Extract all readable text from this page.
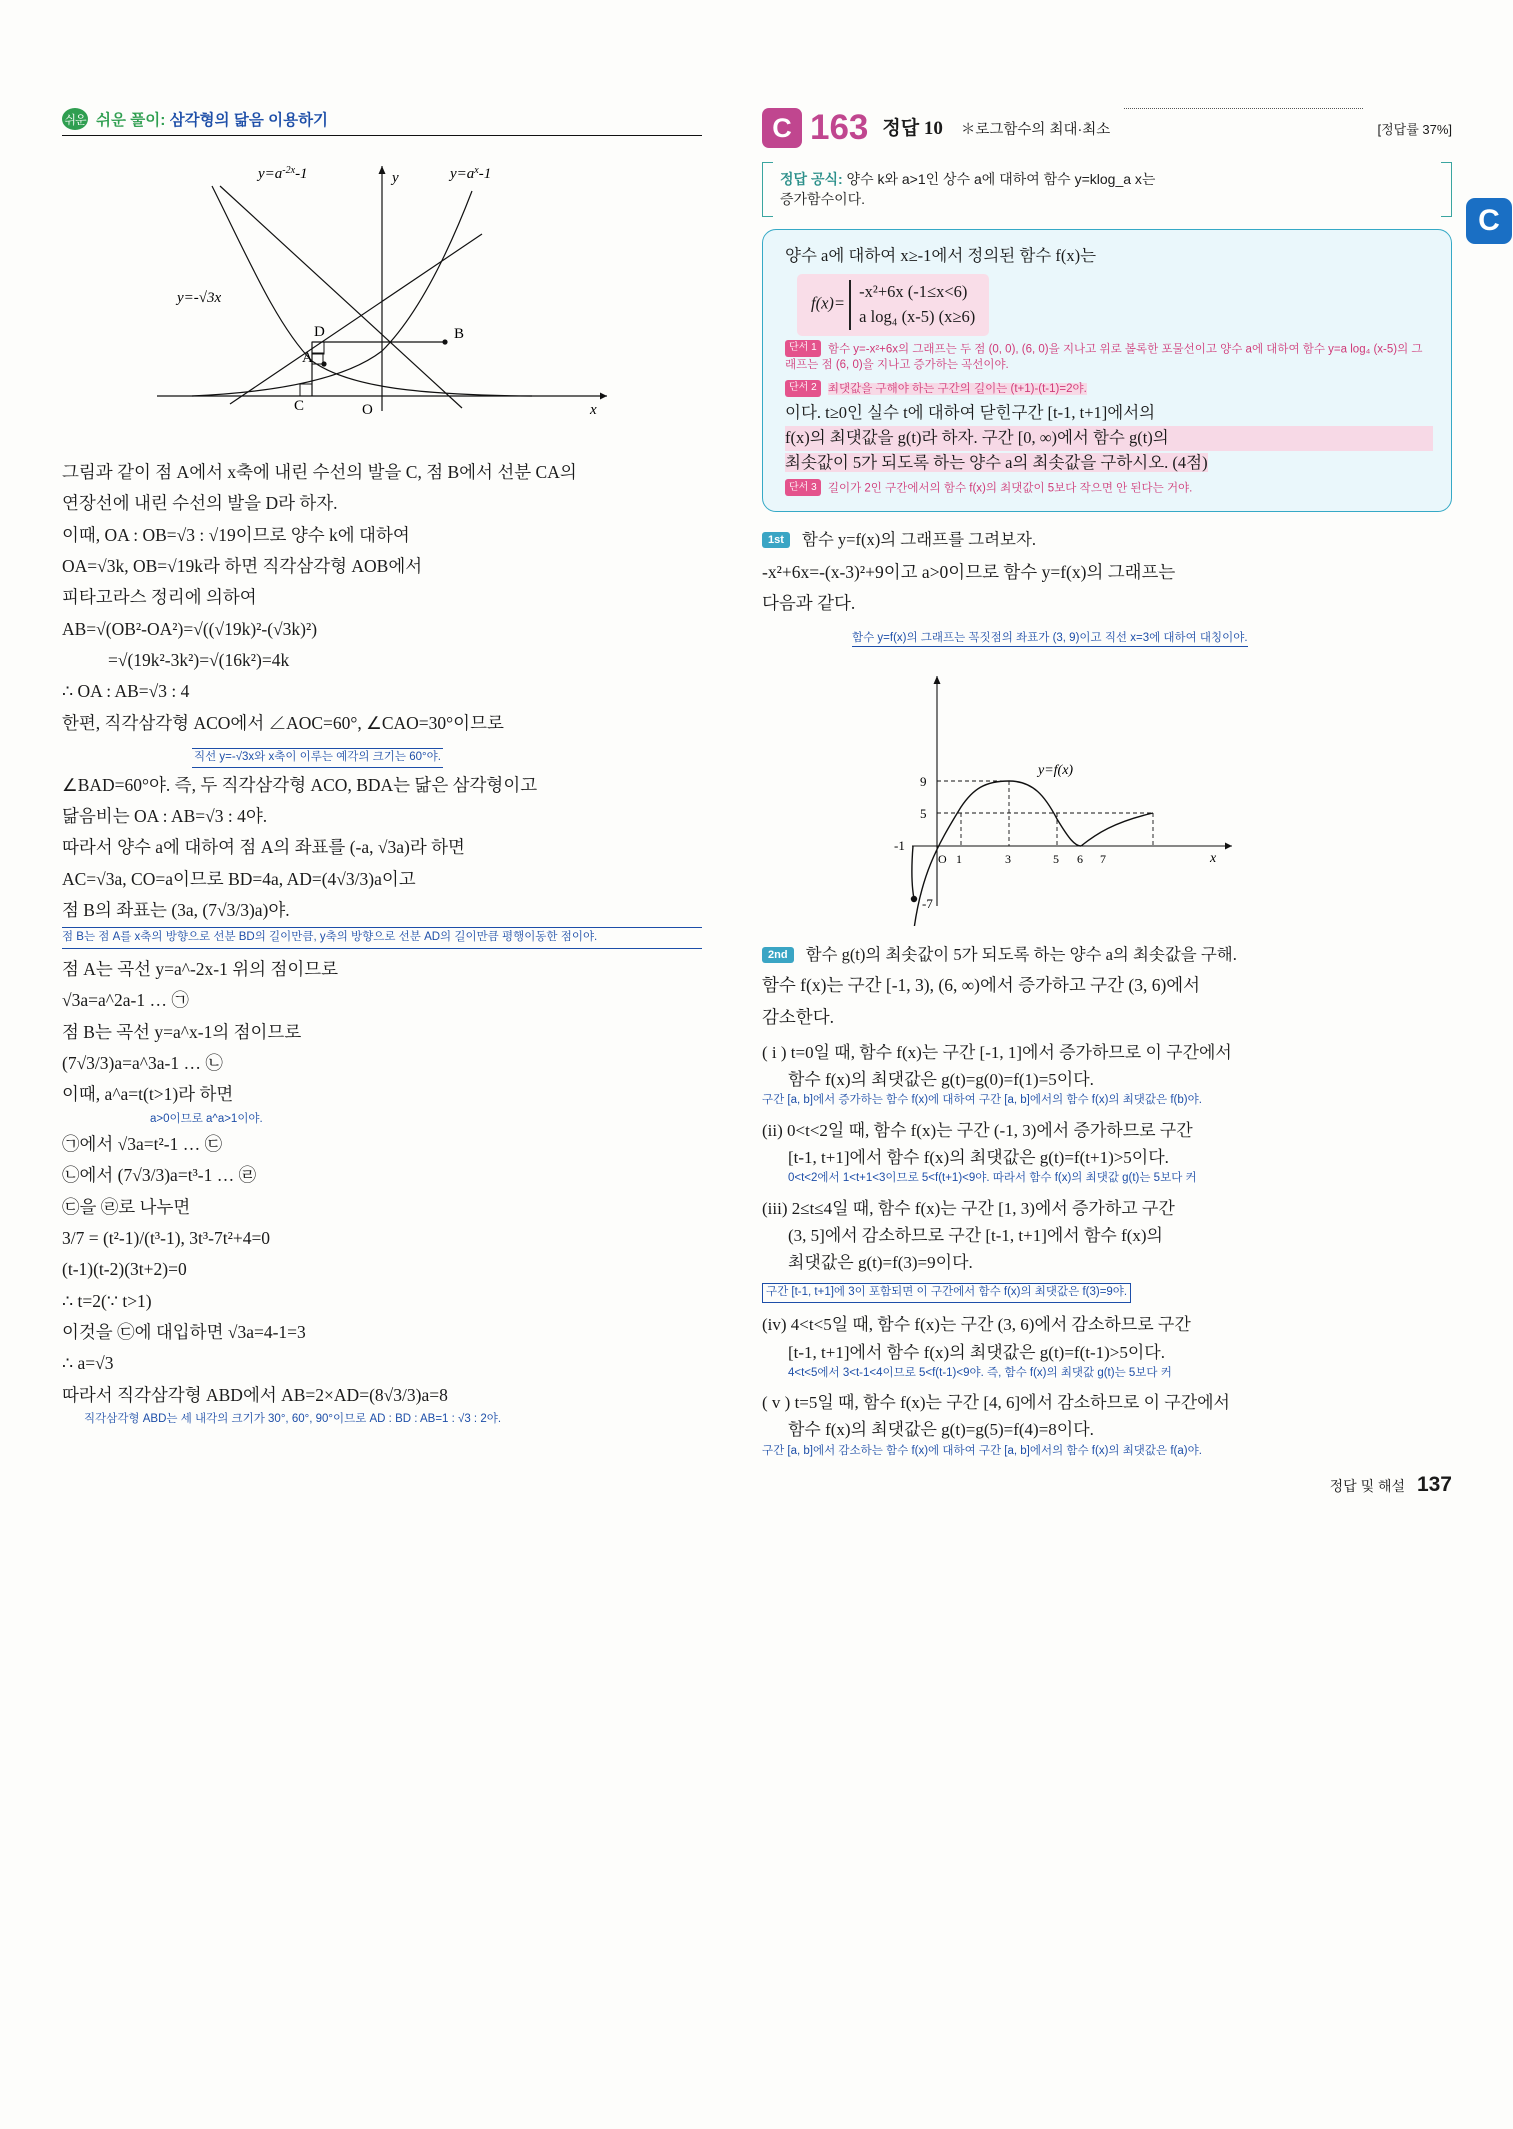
쉬운 쉬운 풀이: 삼각형의 닮음 이용하기
D	B
A
C	O	x
y
$y=a^{-2x}-1$	$y=a^x-1$
y=-√3x

그림과 같이 점 A에서 x축에 내린 수선의 발을 C, 점 B에서 선분 CA의

연장선에 내린 수선의 발을 D라 하자.

이때, OA : OB=√3 : √19이므로 양수 k에 대하여

OA=√3k, OB=√19k라 하면 직각삼각형 AOB에서

피타고라스 정리에 의하여

AB=√(OB²-OA²)=√((√19k)²-(√3k)²)

=√(19k²-3k²)=√(16k²)=4k

∴ OA : AB=√3 : 4

한편, 직각삼각형 ACO에서 ∠AOC=60°, ∠CAO=30°이므로

직선 y=-√3x와 x축이 이루는 예각의 크기는 60°야.

∠BAD=60°야. 즉, 두 직각삼각형 ACO, BDA는 닮은 삼각형이고

닮음비는 OA : AB=√3 : 4야.

따라서 양수 a에 대하여 점 A의 좌표를 (-a, √3a)라 하면

AC=√3a, CO=a이므로 BD=4a, AD=(4√3/3)a이고

점 B의 좌표는 (3a, (7√3/3)a)야.

점 B는 점 A를 x축의 방향으로 선분 BD의 길이만큼, y축의 방향으로 선분 AD의 길이만큼 평행이동한 점이야.

점 A는 곡선 y=a^-2x-1 위의 점이므로

√3a=a^2a-1 … ㉠

점 B는 곡선 y=a^x-1의 점이므로

(7√3/3)a=a^3a-1 … ㉡

이때, a^a=t(t>1)라 하면

a>0이므로 a^a>1이야.

㉠에서 √3a=t²-1 … ㉢

㉡에서 (7√3/3)a=t³-1 … ㉣

㉢을 ㉣로 나누면

3/7 = (t²-1)/(t³-1), 3t³-7t²+4=0

(t-1)(t-2)(3t+2)=0

∴ t=2(∵ t>1)

이것을 ㉢에 대입하면 √3a=4-1=3

∴ a=√3

따라서 직각삼각형 ABD에서 AB=2×AD=(8√3/3)a=8

직각삼각형 ABD는 세 내각의 크기가 30°, 60°, 90°이므로 AD : BD : AB=1 : √3 : 2야.

C
C 163 정답 10 ＊로그함수의 최대·최소	[정답률 37%]
정답 공식: 양수 k와 a>1인 상수 a에 대하여 함수 y=klog_a x는
증가함수이다.
양수 a에 대하여 x≥-1에서 정의된 함수 f(x)는
f(x)=
-x²+6x (-1≤x<6)
a log₄ (x-5) (x≥6)
단서 1 함수 y=-x²+6x의 그래프는 두 점 (0, 0), (6, 0)을 지나고 위로 볼록한 포물선이고 양수 a에 대하여 함수 y=a log₄ (x-5)의 그래프는 점 (6, 0)을 지나고 증가하는 곡선이야.
단서 2 최댓값을 구해야 하는 구간의 길이는 (t+1)-(t-1)=2야.
이다. t≥0인 실수 t에 대하여 닫힌구간 [t-1, t+1]에서의
f(x)의 최댓값을 g(t)라 하자. 구간 [0, ∞)에서 함수 g(t)의
최솟값이 5가 되도록 하는 양수 a의 최솟값을 구하시오. (4점)
단서 3 길이가 2인 구간에서의 함수 f(x)의 최댓값이 5보다 작으면 안 된다는 거야.
1st 함수 y=f(x)의 그래프를 그려보자.

-x²+6x=-(x-3)²+9이고 a>0이므로 함수 y=f(x)의 그래프는

다음과 같다.

함수 y=f(x)의 그래프는 꼭짓점의 좌표가 (3, 9)이고 직선 x=3에 대하여 대칭이야.

y=f(x)
9
5
-1
-7
O 1	3	5 6 7	x
2nd 함수 g(t)의 최솟값이 5가 되도록 하는 양수 a의 최솟값을 구해.

함수 f(x)는 구간 [-1, 3), (6, ∞)에서 증가하고 구간 (3, 6)에서

감소한다.

( i ) t=0일 때, 함수 f(x)는 구간 [-1, 1]에서 증가하므로 이 구간에서
함수 f(x)의 최댓값은 g(t)=g(0)=f(1)=5이다.
구간 [a, b]에서 증가하는 함수 f(x)에 대하여 구간 [a, b]에서의 함수 f(x)의 최댓값은 f(b)야.
(ii) 0<t<2일 때, 함수 f(x)는 구간 (-1, 3)에서 증가하므로 구간
[t-1, t+1]에서 함수 f(x)의 최댓값은 g(t)=f(t+1)>5이다.
0<t<2에서 1<t+1<3이므로 5<f(t+1)<9야. 따라서 함수 f(x)의 최댓값 g(t)는 5보다 커
(iii) 2≤t≤4일 때, 함수 f(x)는 구간 [1, 3)에서 증가하고 구간
(3, 5]에서 감소하므로 구간 [t-1, t+1]에서 함수 f(x)의
최댓값은 g(t)=f(3)=9이다.
구간 [t-1, t+1]에 3이 포함되면 이 구간에서 함수 f(x)의 최댓값은 f(3)=9야.
(iv) 4<t<5일 때, 함수 f(x)는 구간 (3, 6)에서 감소하므로 구간
[t-1, t+1]에서 함수 f(x)의 최댓값은 g(t)=f(t-1)>5이다.
4<t<5에서 3<t-1<4이므로 5<f(t-1)<9야. 즉, 함수 f(x)의 최댓값 g(t)는 5보다 커
( v ) t=5일 때, 함수 f(x)는 구간 [4, 6]에서 감소하므로 이 구간에서
함수 f(x)의 최댓값은 g(t)=g(5)=f(4)=8이다.
구간 [a, b]에서 감소하는 함수 f(x)에 대하여 구간 [a, b]에서의 함수 f(x)의 최댓값은 f(a)야.
정답 및 해설 137
